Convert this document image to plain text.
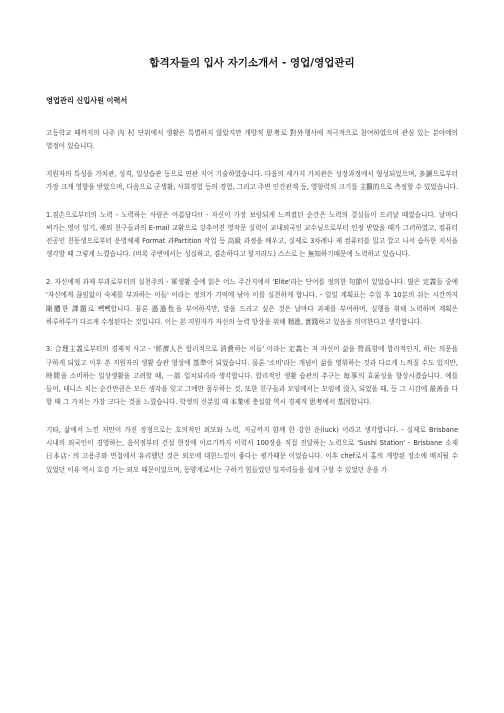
합격자들의 입사 자기소개서 - 영업/영업관리
영업관리 신입사원 이력서

고등학교 때까지의 나주 內 村 단위에서 생활은 특별하지 않았지만 개방적 思考로 對外행사에 적극적으로 참여하였으며 관심 있는 분야에의 열정이 있습니다.

지원자의 특성을 가치관, 성격, 일상습관 등으로 연관 지어 기술하였습니다. 다음의 세가지 가치관은 성장과정에서 형성되었으며, 多讀으로부터 가장 크게 영향을 받았으며, 다음으로 군생활, 사회경험 등의 경험, 그리고 주변 인간관계 등, 영향력의 크기를 主觀的으로 측정할 수 있었습니다.

1.겸손으로부터의 노력 - 노력하는 사람은 아름답다!! - 자신이 가장 보람되게 느껴졌던 순간은 노력의 결실들이 드러날 때였습니다. 날마다 써가는 영어 일기, 해외 친구들과의 E-mail 교환으로 강추어진 영작문 실력이 교내외국인 교수님으로부터 인정 받았을 때가 그러하였고, 컴퓨터 전공인 친동생으로부터 운영체제 Format 과Partition 작업 등 高級 과정을 배우고, 실제로 3차례나 제 컴퓨터를 밀고 깔고 나서 습득한 지식을 생각할 때 그렇게 느꼈습니다. (비록 주변에서는 성실하고, 겸손하다고 할지라도) 스스로 는 無知하기때문에 노력하고 있습니다.

2. 자신에게 과제 부과로부터의 실천주의 - 軍생활 중에 읽은 어느 주간지에서 'Elite'라는 단어를 정의한 句節이 있었습니다. 많은 定義들 중에 '자신에게 끊임없이 숙제를 부과하는 이들' 이라는 정의가 기억에 남아 이를 실천하게 합니다. - 일일 계획표는 수업 후 10분의 쉬는 시간까지 剛體한 課題로 빽빽합니다. 물론 過過性을 부여하지만, 말을 드리고 싶은 것은 날마다 과제를 부여하며, 실행을 위해 노력하며 계획은 하루하루가 다르게 수정된다는 것입니다. 이는 본 지원자가 자신의 능력 향상을 위해 精進, 實踐하고 있음을 의미한다고 생각합니다.

3. 合理主義로부터의 경제적 사고 - '經濟人은 합리적으로 消費하는 이들' 이라는 定義는 저 자신이 삶을 營爲함에 합리적인지, 하는 의문을 구하게 되었고 이후 본 지원자의 생활 습관 형성에 基準이 되었습니다. 물론 '소비'라는 개념이 삶을 영위하는 것과 다르게 느껴질 수도 있지만, 時間을 소비하는 일상생활을 고려할 때, 一部 일치되리라 생각합니다. 합리적인 생활 습관의 추구는 毎事의 효율성을 향상시켰습니다. 예를 들어, 테니스 치는 순간만큼은 모든 생각을 잊고 그에만 몰두하는 것, 또한 친구들과 모임에서는 모임에 沒入 되었을 때, 등 그 시간에 最善을 다 할 때 그 가치는 가장 크다는 것을 느꼈습니다. 학생의 신분일 때 本業에 충실함 역시 경제적 思考에서 基因합니다.

기타, 삶에서 느낀 저만이 가진 장점으로는 호의적인 외모와 노력, 지금까지 함께 한 강한 운(luck) 이라고 생각합니다. - 실제로 Brisbane 시내의 외국인이 경영하는, 음식점부터 건설 현장에 이르기까지 이력서 100장을 직접 전달하는 노력으로 'Sushi Station' - Brisbane 소재 日本店- 의 고용주와 면접에서 유리했던 것은 외모에 대한느낌이 좋다는 평가때문 이었습니다. 이후 chef로서 홀의 개방된 장소에 배치될 수 있었던 이유 역시 호감 가는 외모 때문이었으며, 동양계로서는 구하기 힘들었던 일자리들을 쉽게 구할 수 있었던 운을 가
